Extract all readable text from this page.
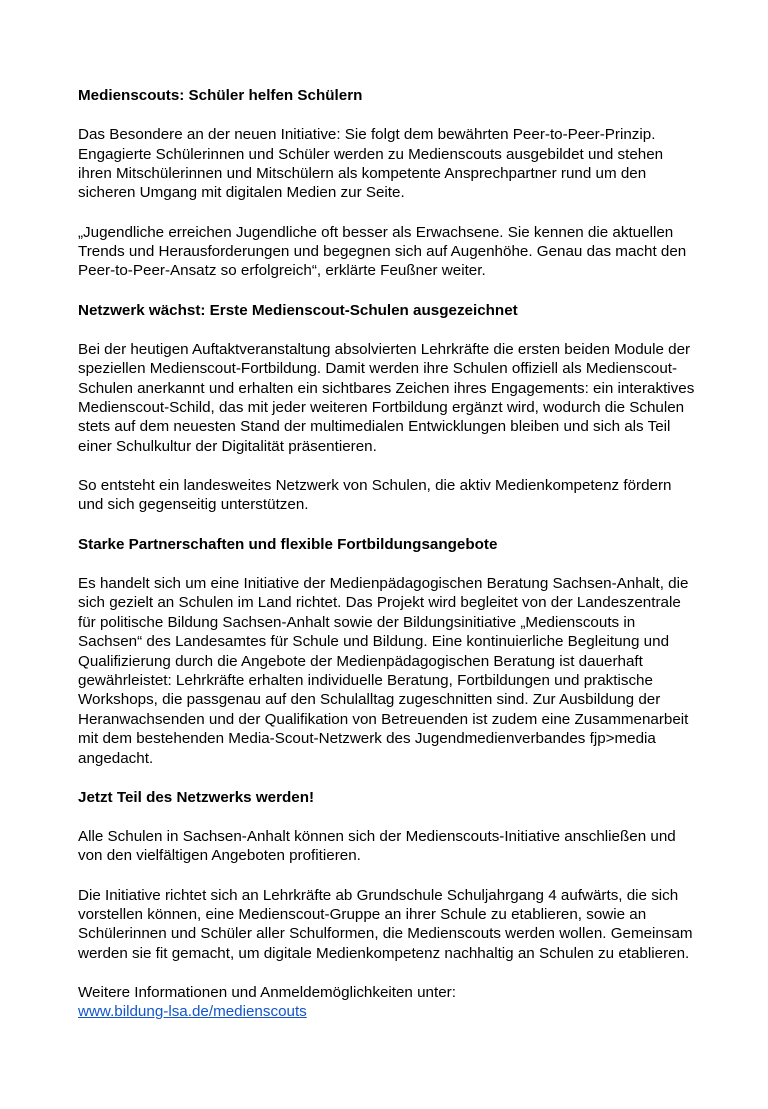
Medienscouts: Schüler helfen Schülern
Das Besondere an der neuen Initiative: Sie folgt dem bewährten Peer-to-Peer-Prinzip. Engagierte Schülerinnen und Schüler werden zu Medienscouts ausgebildet und stehen ihren Mitschülerinnen und Mitschülern als kompetente Ansprechpartner rund um den sicheren Umgang mit digitalen Medien zur Seite.
„Jugendliche erreichen Jugendliche oft besser als Erwachsene. Sie kennen die aktuellen Trends und Herausforderungen und begegnen sich auf Augenhöhe. Genau das macht den Peer-to-Peer-Ansatz so erfolgreich“, erklärte Feußner weiter.
Netzwerk wächst: Erste Medienscout-Schulen ausgezeichnet
Bei der heutigen Auftaktveranstaltung absolvierten Lehrkräfte die ersten beiden Module der speziellen Medienscout-Fortbildung. Damit werden ihre Schulen offiziell als Medienscout-Schulen anerkannt und erhalten ein sichtbares Zeichen ihres Engagements: ein interaktives Medienscout-Schild, das mit jeder weiteren Fortbildung ergänzt wird, wodurch die Schulen stets auf dem neuesten Stand der multimedialen Entwicklungen bleiben und sich als Teil einer Schulkultur der Digitalität präsentieren.
So entsteht ein landesweites Netzwerk von Schulen, die aktiv Medienkompetenz fördern und sich gegenseitig unterstützen.
Starke Partnerschaften und flexible Fortbildungsangebote
Es handelt sich um eine Initiative der Medienpädagogischen Beratung Sachsen-Anhalt, die sich gezielt an Schulen im Land richtet. Das Projekt wird begleitet von der Landeszentrale für politische Bildung Sachsen-Anhalt sowie der Bildungsinitiative „Medienscouts in Sachsen“ des Landesamtes für Schule und Bildung. Eine kontinuierliche Begleitung und Qualifizierung durch die Angebote der Medienpädagogischen Beratung ist dauerhaft gewährleistet: Lehrkräfte erhalten individuelle Beratung, Fortbildungen und praktische Workshops, die passgenau auf den Schulalltag zugeschnitten sind. Zur Ausbildung der Heranwachsenden und der Qualifikation von Betreuenden ist zudem eine Zusammenarbeit mit dem bestehenden Media-Scout-Netzwerk des Jugendmedienverbandes fjp>media angedacht.
Jetzt Teil des Netzwerks werden!
Alle Schulen in Sachsen-Anhalt können sich der Medienscouts-Initiative anschließen und von den vielfältigen Angeboten profitieren.
Die Initiative richtet sich an Lehrkräfte ab Grundschule Schuljahrgang 4 aufwärts, die sich vorstellen können, eine Medienscout-Gruppe an ihrer Schule zu etablieren, sowie an Schülerinnen und Schüler aller Schulformen, die Medienscouts werden wollen. Gemeinsam werden sie fit gemacht, um digitale Medienkompetenz nachhaltig an Schulen zu etablieren.
Weitere Informationen und Anmeldemöglichkeiten unter:
www.bildung-lsa.de/medienscouts
